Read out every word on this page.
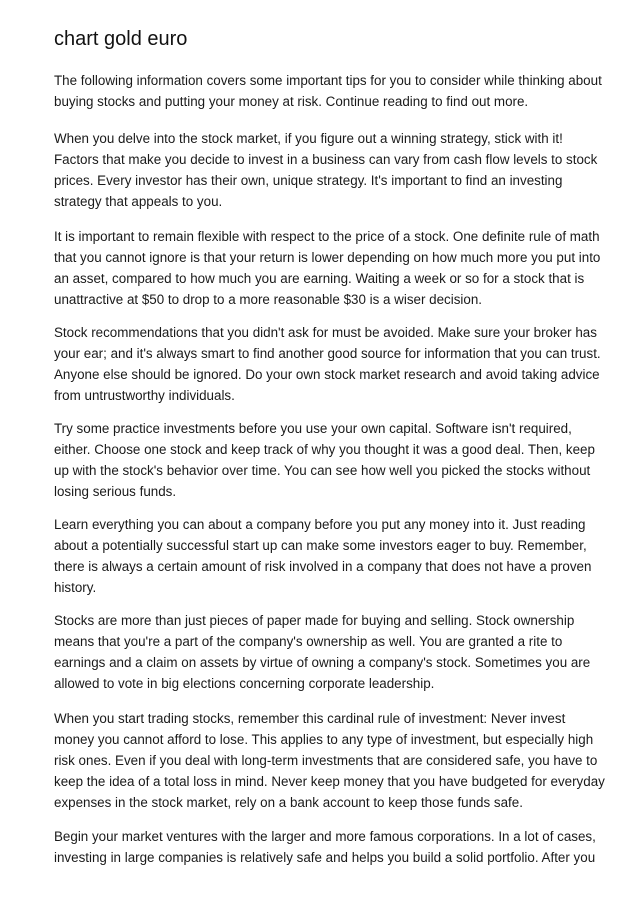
chart gold euro

The following information covers some important tips for you to consider while thinking about
buying stocks and putting your money at risk. Continue reading to find out more.

When you delve into the stock market, if you figure out a winning strategy, stick with it!
Factors that make you decide to invest in a business can vary from cash flow levels to stock
prices. Every investor has their own, unique strategy. It's important to find an investing
strategy that appeals to you.

It is important to remain flexible with respect to the price of a stock. One definite rule of math
that you cannot ignore is that your return is lower depending on how much more you put into
an asset, compared to how much you are earning. Waiting a week or so for a stock that is
unattractive at $50 to drop to a more reasonable $30 is a wiser decision.

Stock recommendations that you didn't ask for must be avoided. Make sure your broker has
your ear; and it's always smart to find another good source for information that you can trust.
Anyone else should be ignored. Do your own stock market research and avoid taking advice
from untrustworthy individuals.

Try some practice investments before you use your own capital. Software isn't required,
either. Choose one stock and keep track of why you thought it was a good deal. Then, keep
up with the stock's behavior over time. You can see how well you picked the stocks without
losing serious funds.

Learn everything you can about a company before you put any money into it. Just reading
about a potentially successful start up can make some investors eager to buy. Remember,
there is always a certain amount of risk involved in a company that does not have a proven
history.

Stocks are more than just pieces of paper made for buying and selling. Stock ownership
means that you're a part of the company's ownership as well. You are granted a rite to
earnings and a claim on assets by virtue of owning a company's stock. Sometimes you are
allowed to vote in big elections concerning corporate leadership.

When you start trading stocks, remember this cardinal rule of investment: Never invest
money you cannot afford to lose. This applies to any type of investment, but especially high
risk ones. Even if you deal with long-term investments that are considered safe, you have to
keep the idea of a total loss in mind. Never keep money that you have budgeted for everyday
expenses in the stock market, rely on a bank account to keep those funds safe.

Begin your market ventures with the larger and more famous corporations. In a lot of cases,
investing in large companies is relatively safe and helps you build a solid portfolio. After you
